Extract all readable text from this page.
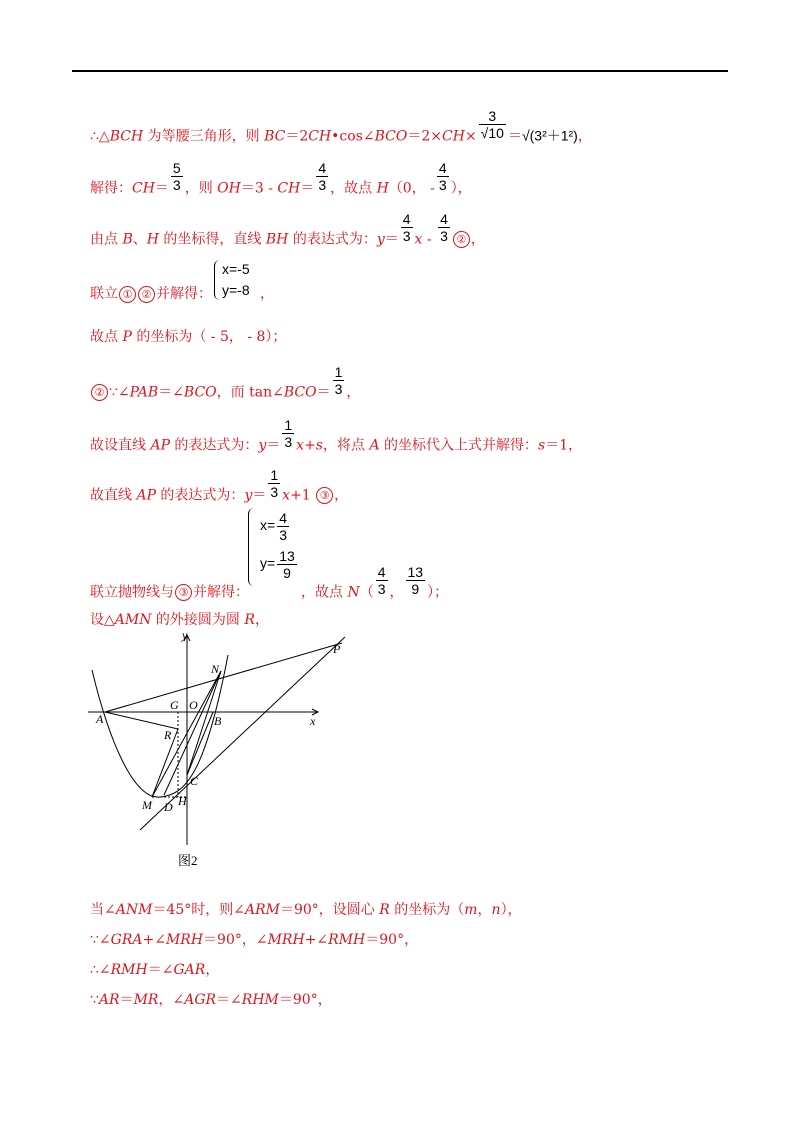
∴△BCH 为等腰三角形，则 BC＝2CH•cos∠BCO＝2×CH× $\frac{3}{√10} =√(3^2+1^2)$，
解得：$CH= \frac{5}{3}$ ，则 $OH=3 - CH= \frac{4}{3}$ ，故点 H（0， - $\frac{4}{3}$ ），
由点 B、H 的坐标得，直线 BH 的表达式为：$y= \frac{4}{3}$ x - $\frac{4}{3}$ ② ，
联立 ① ② 并解得：	，
x=-5
y=-8
故点 P 的坐标为（ - 5， - 8）；
② ∵∠PAB＝∠BCO，而 tan∠BCO＝ $\frac{1}{3}$ ，
故设直线 AP 的表达式为：$y= \frac{1}{3} x+s$，将点 A 的坐标代入上式并解得：s＝1，
故直线 AP 的表达式为：$y= \frac{1}{3} x+1$ ③ ，
联立抛物线与 ③ 并解得：	，故点 $N( \frac{4}{3}$ ， $\frac{13}{9}$ ）；
$x= \frac{4}{3}$
$y= \frac{13}{9}$
设△AMN 的外接圆为圆 R，
y
x
A
G O
B
N
P
R
C
H
M D
图2
当∠ANM＝45°时，则∠ARM＝90°，设圆心 R 的坐标为（m，n），
∵∠GRA+∠MRH＝90°，∠MRH+∠RMH＝90°，
∴∠RMH＝∠GAR，
∵AR＝MR，∠AGR＝∠RHM＝90°，
